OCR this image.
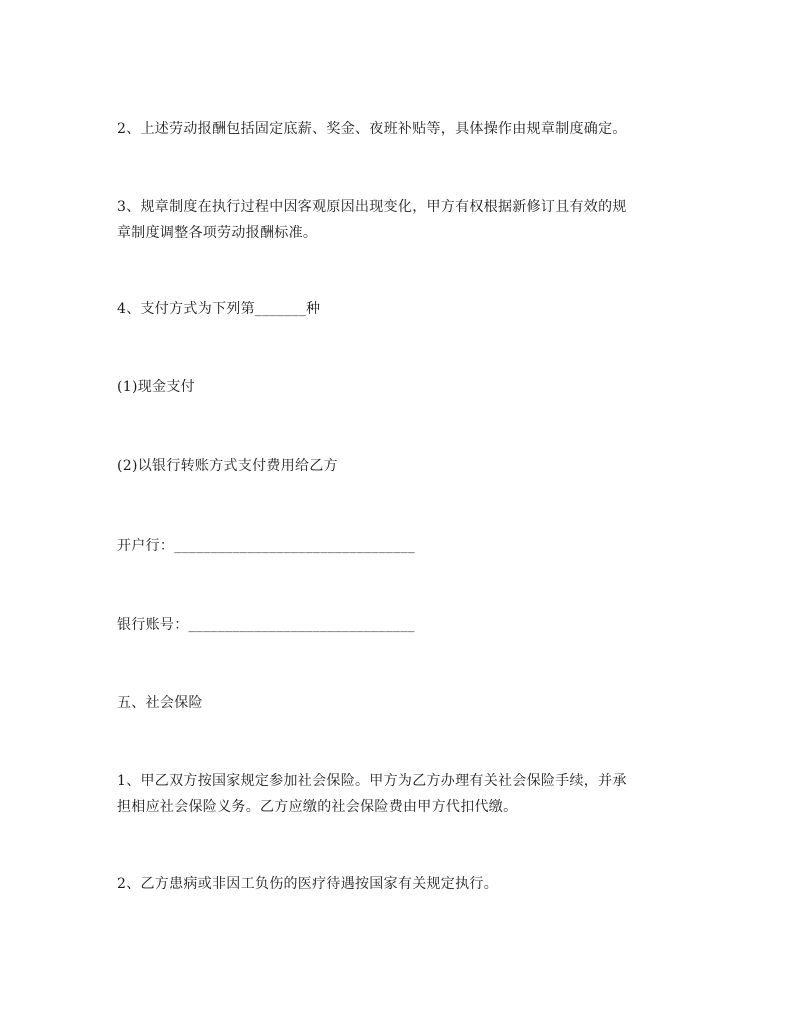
2、上述劳动报酬包括固定底薪、奖金、夜班补贴等，具体操作由规章制度确定。

3、规章制度在执行过程中因客观原因出现变化，甲方有权根据新修订且有效的规
章制度调整各项劳动报酬标准。

4、支付方式为下列第_______种

(1)现金支付

(2)以银行转账方式支付费用给乙方

开户行：_________________________________

银行账号：_______________________________

五、社会保险

1、甲乙双方按国家规定参加社会保险。甲方为乙方办理有关社会保险手续，并承
担相应社会保险义务。乙方应缴的社会保险费由甲方代扣代缴。

2、乙方患病或非因工负伤的医疗待遇按国家有关规定执行。
